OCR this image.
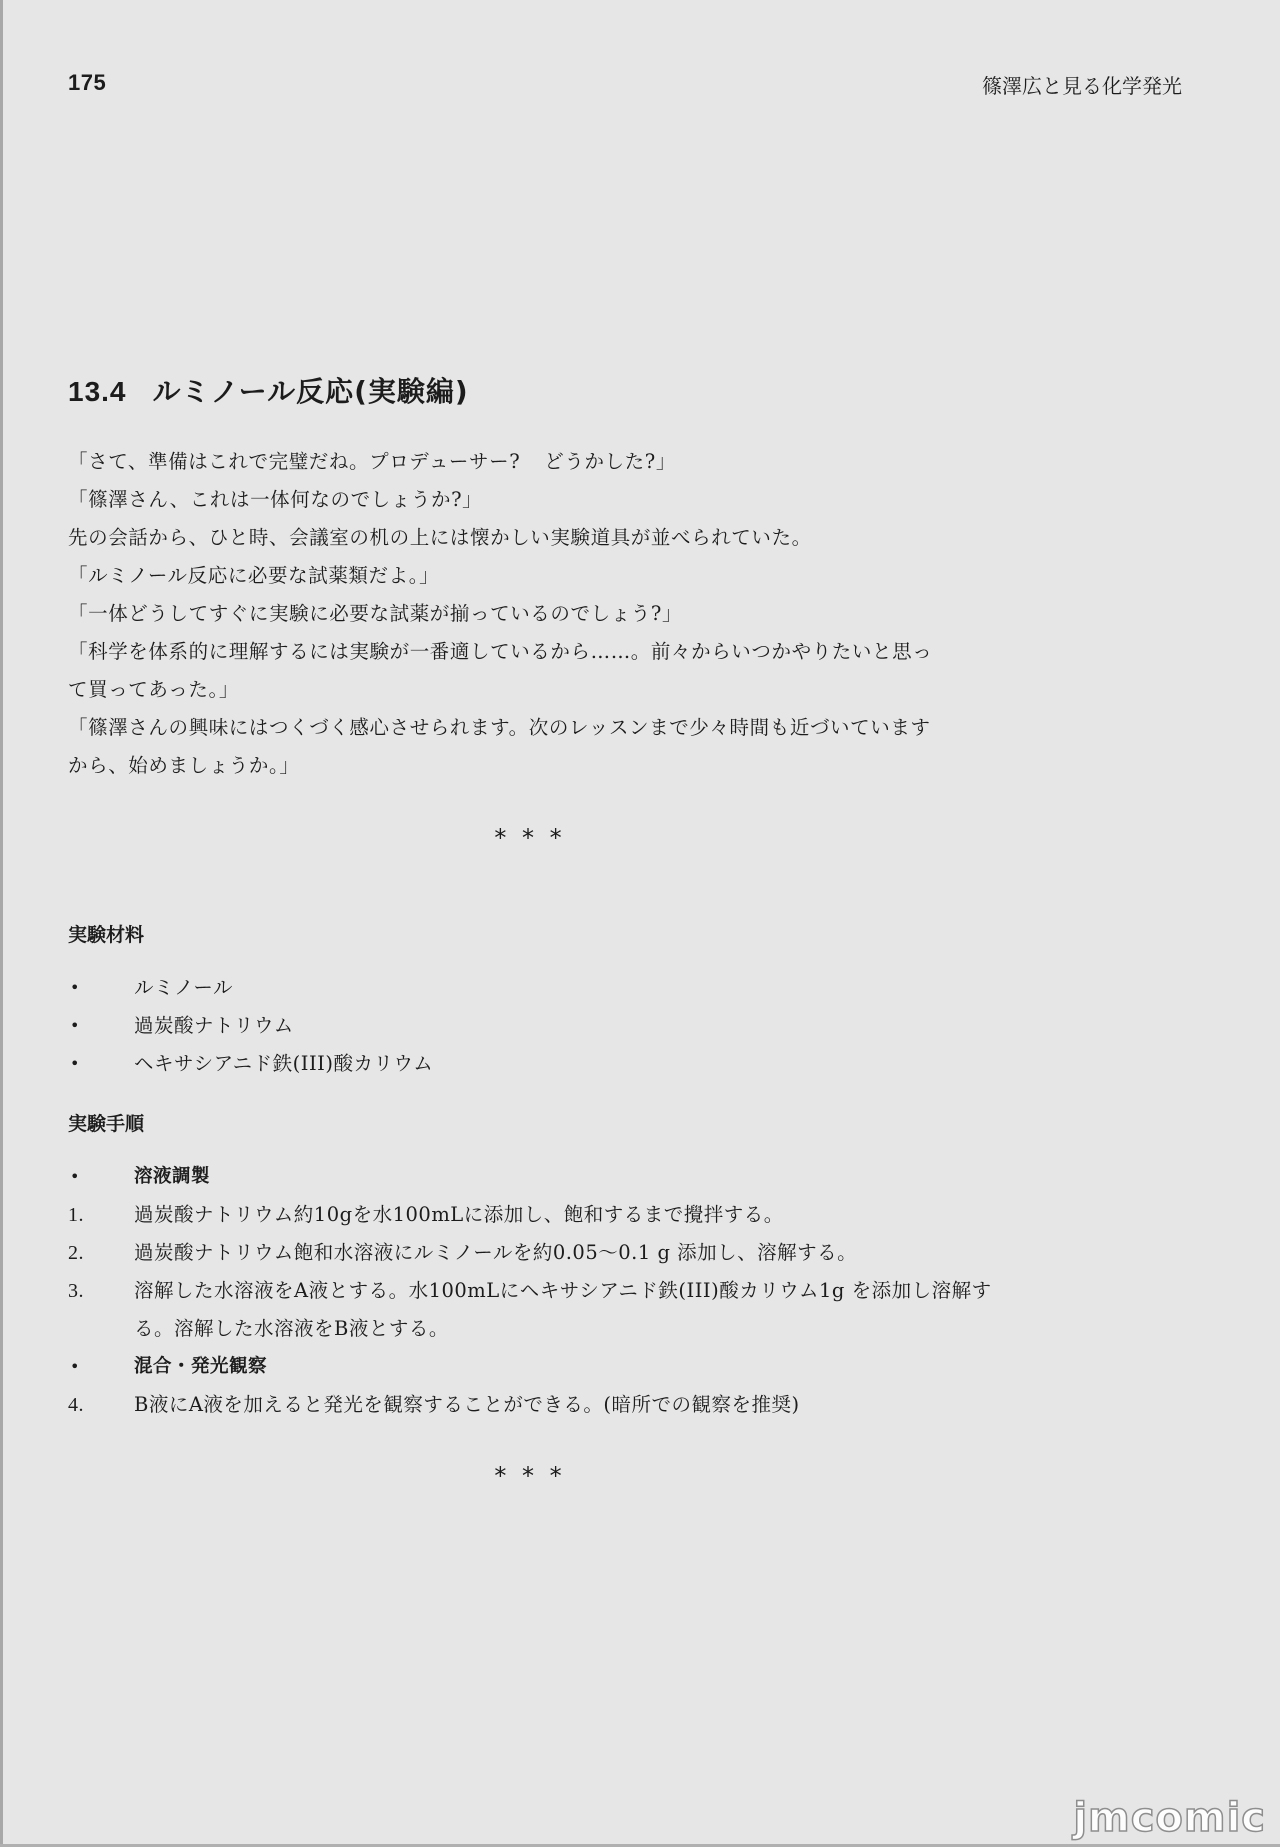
175	篠澤広と見る化学発光
13.4 ルミノール反応(実験編)

「さて、準備はこれで完璧だね。プロデューサー? どうかした?」

「篠澤さん、これは一体何なのでしょうか?」

先の会話から、ひと時、会議室の机の上には懐かしい実験道具が並べられていた。

「ルミノール反応に必要な試薬類だよ。」

「一体どうしてすぐに実験に必要な試薬が揃っているのでしょう?」

「科学を体系的に理解するには実験が一番適しているから……。前々からいつかやりたいと思っ

て買ってあった。」

「篠澤さんの興味にはつくづく感心させられます。次のレッスンまで少々時間も近づいています

から、始めましょうか。」

* * *
実験材料
•	ルミノール
•	過炭酸ナトリウム
•	ヘキサシアニド鉄(III)酸カリウム
実験手順
•	溶液調製
1.	過炭酸ナトリウム約10gを水100mLに添加し、飽和するまで攪拌する。
2.	過炭酸ナトリウム飽和水溶液にルミノールを約0.05〜0.1 g 添加し、溶解する。
3.	溶解した水溶液をA液とする。水100mLにヘキサシアニド鉄(III)酸カリウム1g を添加し溶解する。溶解した水溶液をB液とする。
•	混合・発光観察
4.	B液にA液を加えると発光を観察することができる。(暗所での観察を推奨)
* * *
jmcomic
